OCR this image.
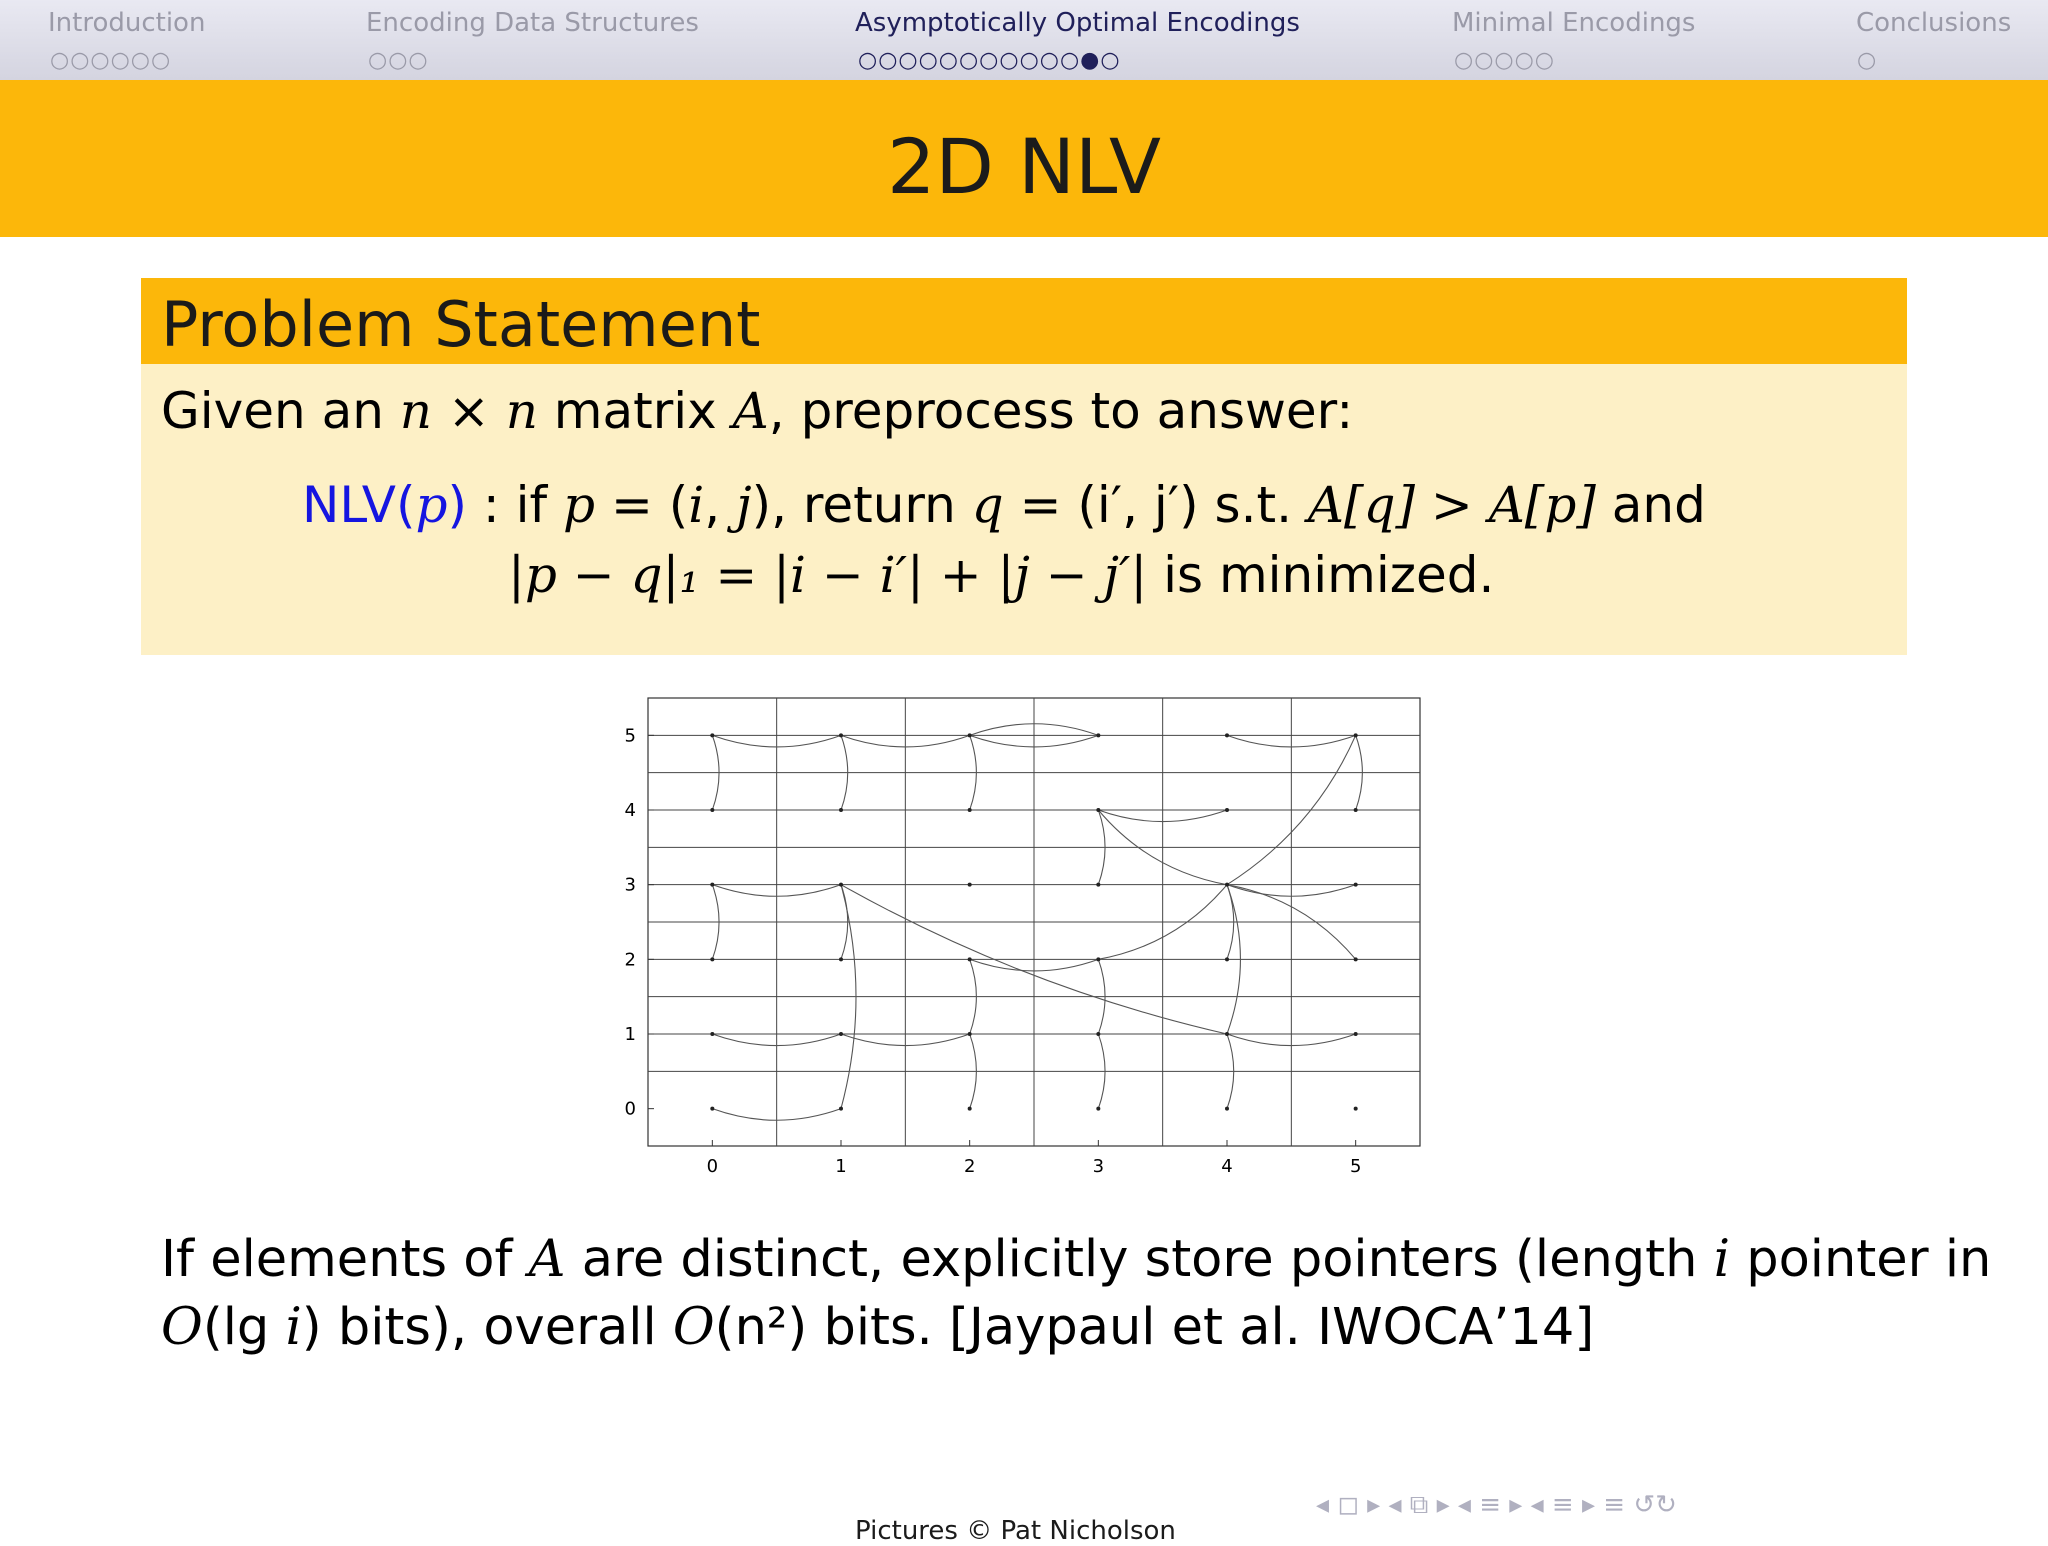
Introduction
○○○○○○
Encoding Data Structures
○○○
Asymptotically Optimal Encodings
○○○○○○○○○○○●○
Minimal Encodings
○○○○○
Conclusions
○
2D NLV
Problem Statement
Given an n × n matrix A, preprocess to answer:
NLV(p) : if p = (i, j), return q = (i′, j′) s.t. A[q] > A[p] and
|p − q|₁ = |i − i′| + |j − j′| is minimized.
0	1	2	3	4	5
0
1
2
3
4
5
If elements of A are distinct, explicitly store pointers (length i pointer in
O(lg i) bits), overall O(n²) bits. [Jaypaul et al. IWOCA’14]
◂ ◻ ▸ ◂ ⧉ ▸ ◂ ≡ ▸ ◂ ≡ ▸ ≡ ↺↻
Pictures © Pat Nicholson
